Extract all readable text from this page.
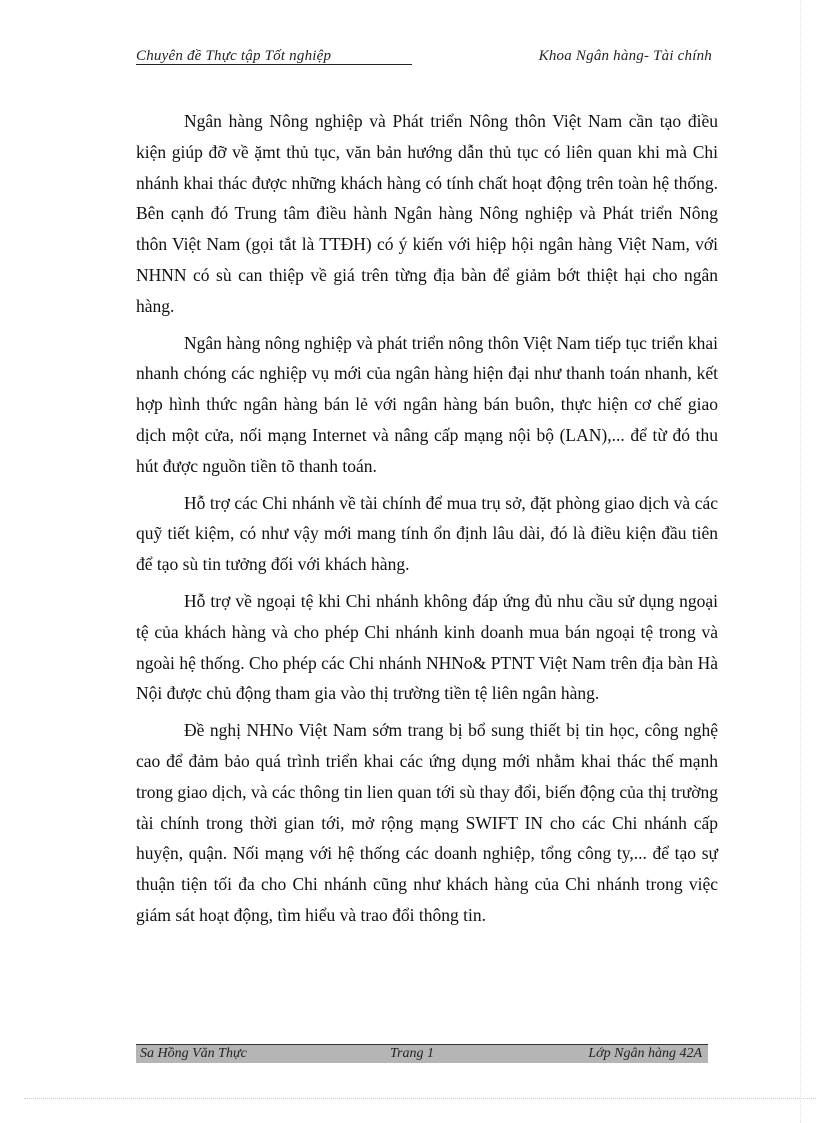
Chuyên đề Thực tập Tốt nghiệp	Khoa Ngân hàng- Tài chính

Ngân hàng Nông nghiệp và Phát triển Nông thôn Việt Nam cần tạo điều kiện giúp đỡ về ặmt thủ tục, văn bản hướng dẫn thủ tục có liên quan khi mà Chi nhánh khai thác được những khách hàng có tính chất hoạt động trên toàn hệ thống. Bên cạnh đó Trung tâm điều hành Ngân hàng Nông nghiệp và Phát triển Nông thôn Việt Nam (gọi tắt là TTĐH) có ý kiến với hiệp hội ngân hàng Việt Nam, với NHNN có sù can thiệp về giá trên từng địa bàn để giảm bớt thiệt hại cho ngân hàng.

Ngân hàng nông nghiệp và phát triển nông thôn Việt Nam tiếp tục triển khai nhanh chóng các nghiệp vụ mới của ngân hàng hiện đại như thanh toán nhanh, kết hợp hình thức ngân hàng bán lẻ với ngân hàng bán buôn, thực hiện cơ chế giao dịch một cửa, nối mạng Internet và nâng cấp mạng nội bộ (LAN),... để từ đó thu hút được nguồn tiền tõ thanh toán.

Hỗ trợ các Chi nhánh về tài chính để mua trụ sở, đặt phòng giao dịch và các quỹ tiết kiệm, có như vậy mới mang tính ổn định lâu dài, đó là điều kiện đầu tiên để tạo sù tin tưởng đối với khách hàng.

Hỗ trợ về ngoại tệ khi Chi nhánh không đáp ứng đủ nhu cầu sử dụng ngoại tệ của khách hàng và cho phép Chi nhánh kinh doanh mua bán ngoại tệ trong và ngoài hệ thống. Cho phép các Chi nhánh NHNo& PTNT Việt Nam trên địa bàn Hà Nội được chủ động tham gia vào thị trường tiền tệ liên ngân hàng.

Đề nghị NHNo Việt Nam sớm trang bị bổ sung thiết bị tin học, công nghệ cao để đảm bảo quá trình triển khai các ứng dụng mới nhằm khai thác thế mạnh trong giao dịch, và các thông tin lien quan tới sù thay đổi, biến động của thị trường tài chính trong thời gian tới, mở rộng mạng SWIFT IN cho các Chi nhánh cấp huyện, quận. Nối mạng với hệ thống các doanh nghiệp, tổng công ty,... để tạo sự thuận tiện tối đa cho Chi nhánh cũng như khách hàng của Chi nhánh trong việc giám sát hoạt động, tìm hiểu và trao đổi thông tin.

Sa Hồng Văn Thực	Trang 1	Lớp Ngân hàng 42A
